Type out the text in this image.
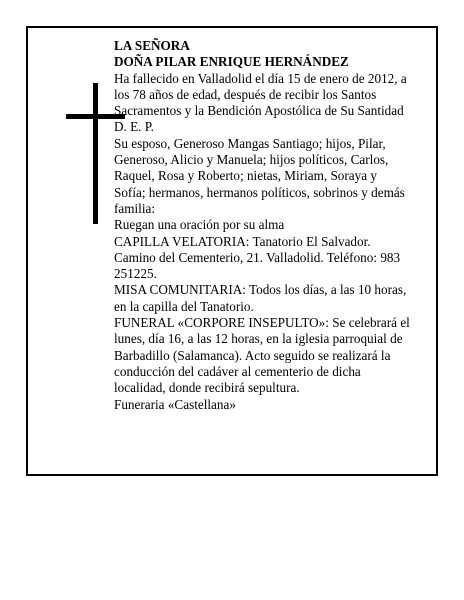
LA SEÑORA
DOÑA PILAR ENRIQUE HERNÁNDEZ
Ha fallecido en Valladolid el día 15 de enero de 2012, a
los 78 años de edad, después de recibir los Santos
Sacramentos y la Bendición Apostólica de Su Santidad
D. E. P.
Su esposo, Generoso Mangas Santiago; hijos, Pilar,
Generoso, Alicio y Manuela; hijos políticos, Carlos,
Raquel, Rosa y Roberto; nietas, Miriam, Soraya y
Sofía; hermanos, hermanos políticos, sobrinos y demás
familia:
Ruegan una oración por su alma
CAPILLA VELATORIA: Tanatorio El Salvador.
Camino del Cementerio, 21. Valladolid. Teléfono: 983
251225.
MISA COMUNITARIA: Todos los días, a las 10 horas,
en la capilla del Tanatorio.
FUNERAL «CORPORE INSEPULTO»: Se celebrará el
lunes, día 16, a las 12 horas, en la iglesia parroquial de
Barbadillo (Salamanca). Acto seguido se realizará la
conducción del cadáver al cementerio de dicha
localidad, donde recibirá sepultura.
Funeraria «Castellana»
